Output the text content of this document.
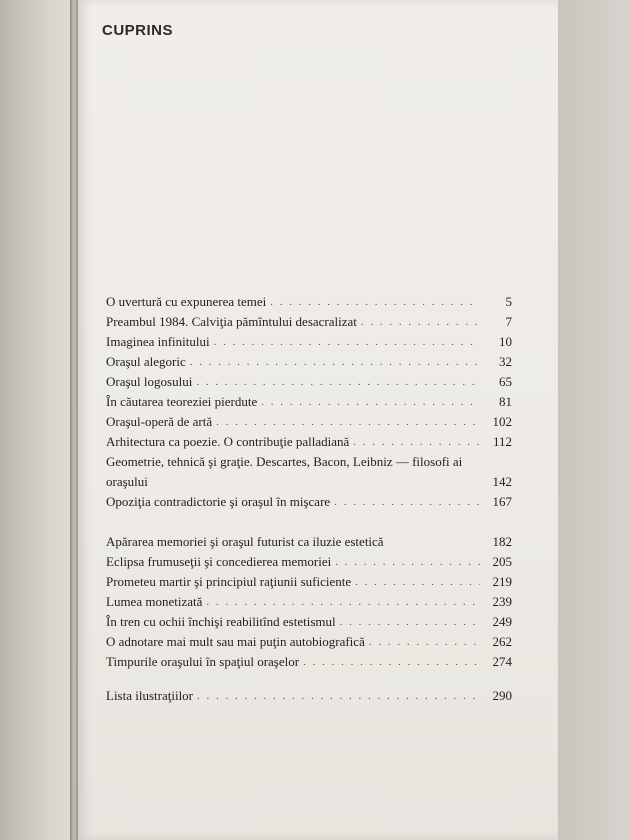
CUPRINS
O uvertură cu expunerea temei . . .	5
Preambul 1984. Calviţia pămîntului desacralizat . . .	7
Imaginea infinitului . . .	10
Oraşul alegoric . . .	32
Oraşul logosului . . .	65
În căutarea teoreziei pierdute . . .	81
Oraşul-operă de artă . . .	102
Arhitectura ca poezie. O contribuţie palladiană . . .	112
Geometrie, tehnică şi graţie. Descartes, Bacon, Leibniz — filosofi ai oraşului	142
Opoziţia contradictorie şi oraşul în mişcare . . .	167
Apărarea memoriei şi oraşul futurist ca iluzie estetică	182
Eclipsa frumuseţii şi concedierea memoriei . . .	205
Prometeu martir şi principiul raţiunii suficiente . . .	219
Lumea monetizată . . .	239
În tren cu ochii închişi reabilitînd estetismul . . .	249
O adnotare mai mult sau mai puţin autobiografică . . .	262
Timpurile oraşului în spaţiul oraşelor . . .	274
Lista ilustraţiilor . . .	290
